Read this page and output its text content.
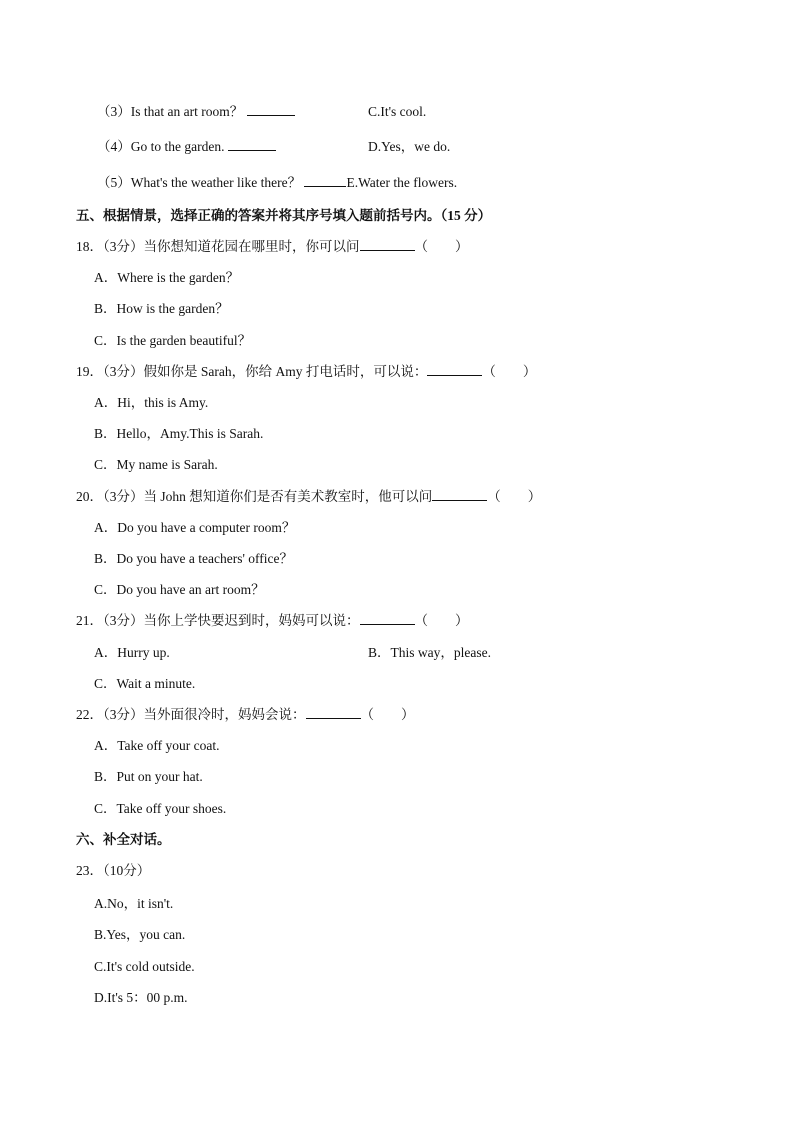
（3）Is that an art room？	C.It's cool.
（4）Go to the garden.	D.Yes，we do.
（5）What's the weather like there？	E.Water the flowers.
五、根据情景，选择正确的答案并将其序号填入题前括号内。（15 分）
18．（3分）当你想知道花园在哪里时，你可以问	（　　）
A．Where is the garden？
B．How is the garden？
C．Is the garden beautiful？
19．（3分）假如你是 Sarah，你给 Amy 打电话时，可以说：	（　　）
A．Hi，this is Amy.
B．Hello，Amy.This is Sarah.
C．My name is Sarah.
20．（3分）当 John 想知道你们是否有美术教室时，他可以问	（　　）
A．Do you have a computer room？
B．Do you have a teachers' office？
C．Do you have an art room？
21．（3分）当你上学快要迟到时，妈妈可以说：	（　　）
A．Hurry up.	B．This way，please.
C．Wait a minute.
22．（3分）当外面很冷时，妈妈会说：	（　　）
A．Take off your coat.
B．Put on your hat.
C．Take off your shoes.
六、补全对话。
23．（10分）
A.No，it isn't.
B.Yes，you can.
C.It's cold outside.
D.It's 5：00 p.m.
